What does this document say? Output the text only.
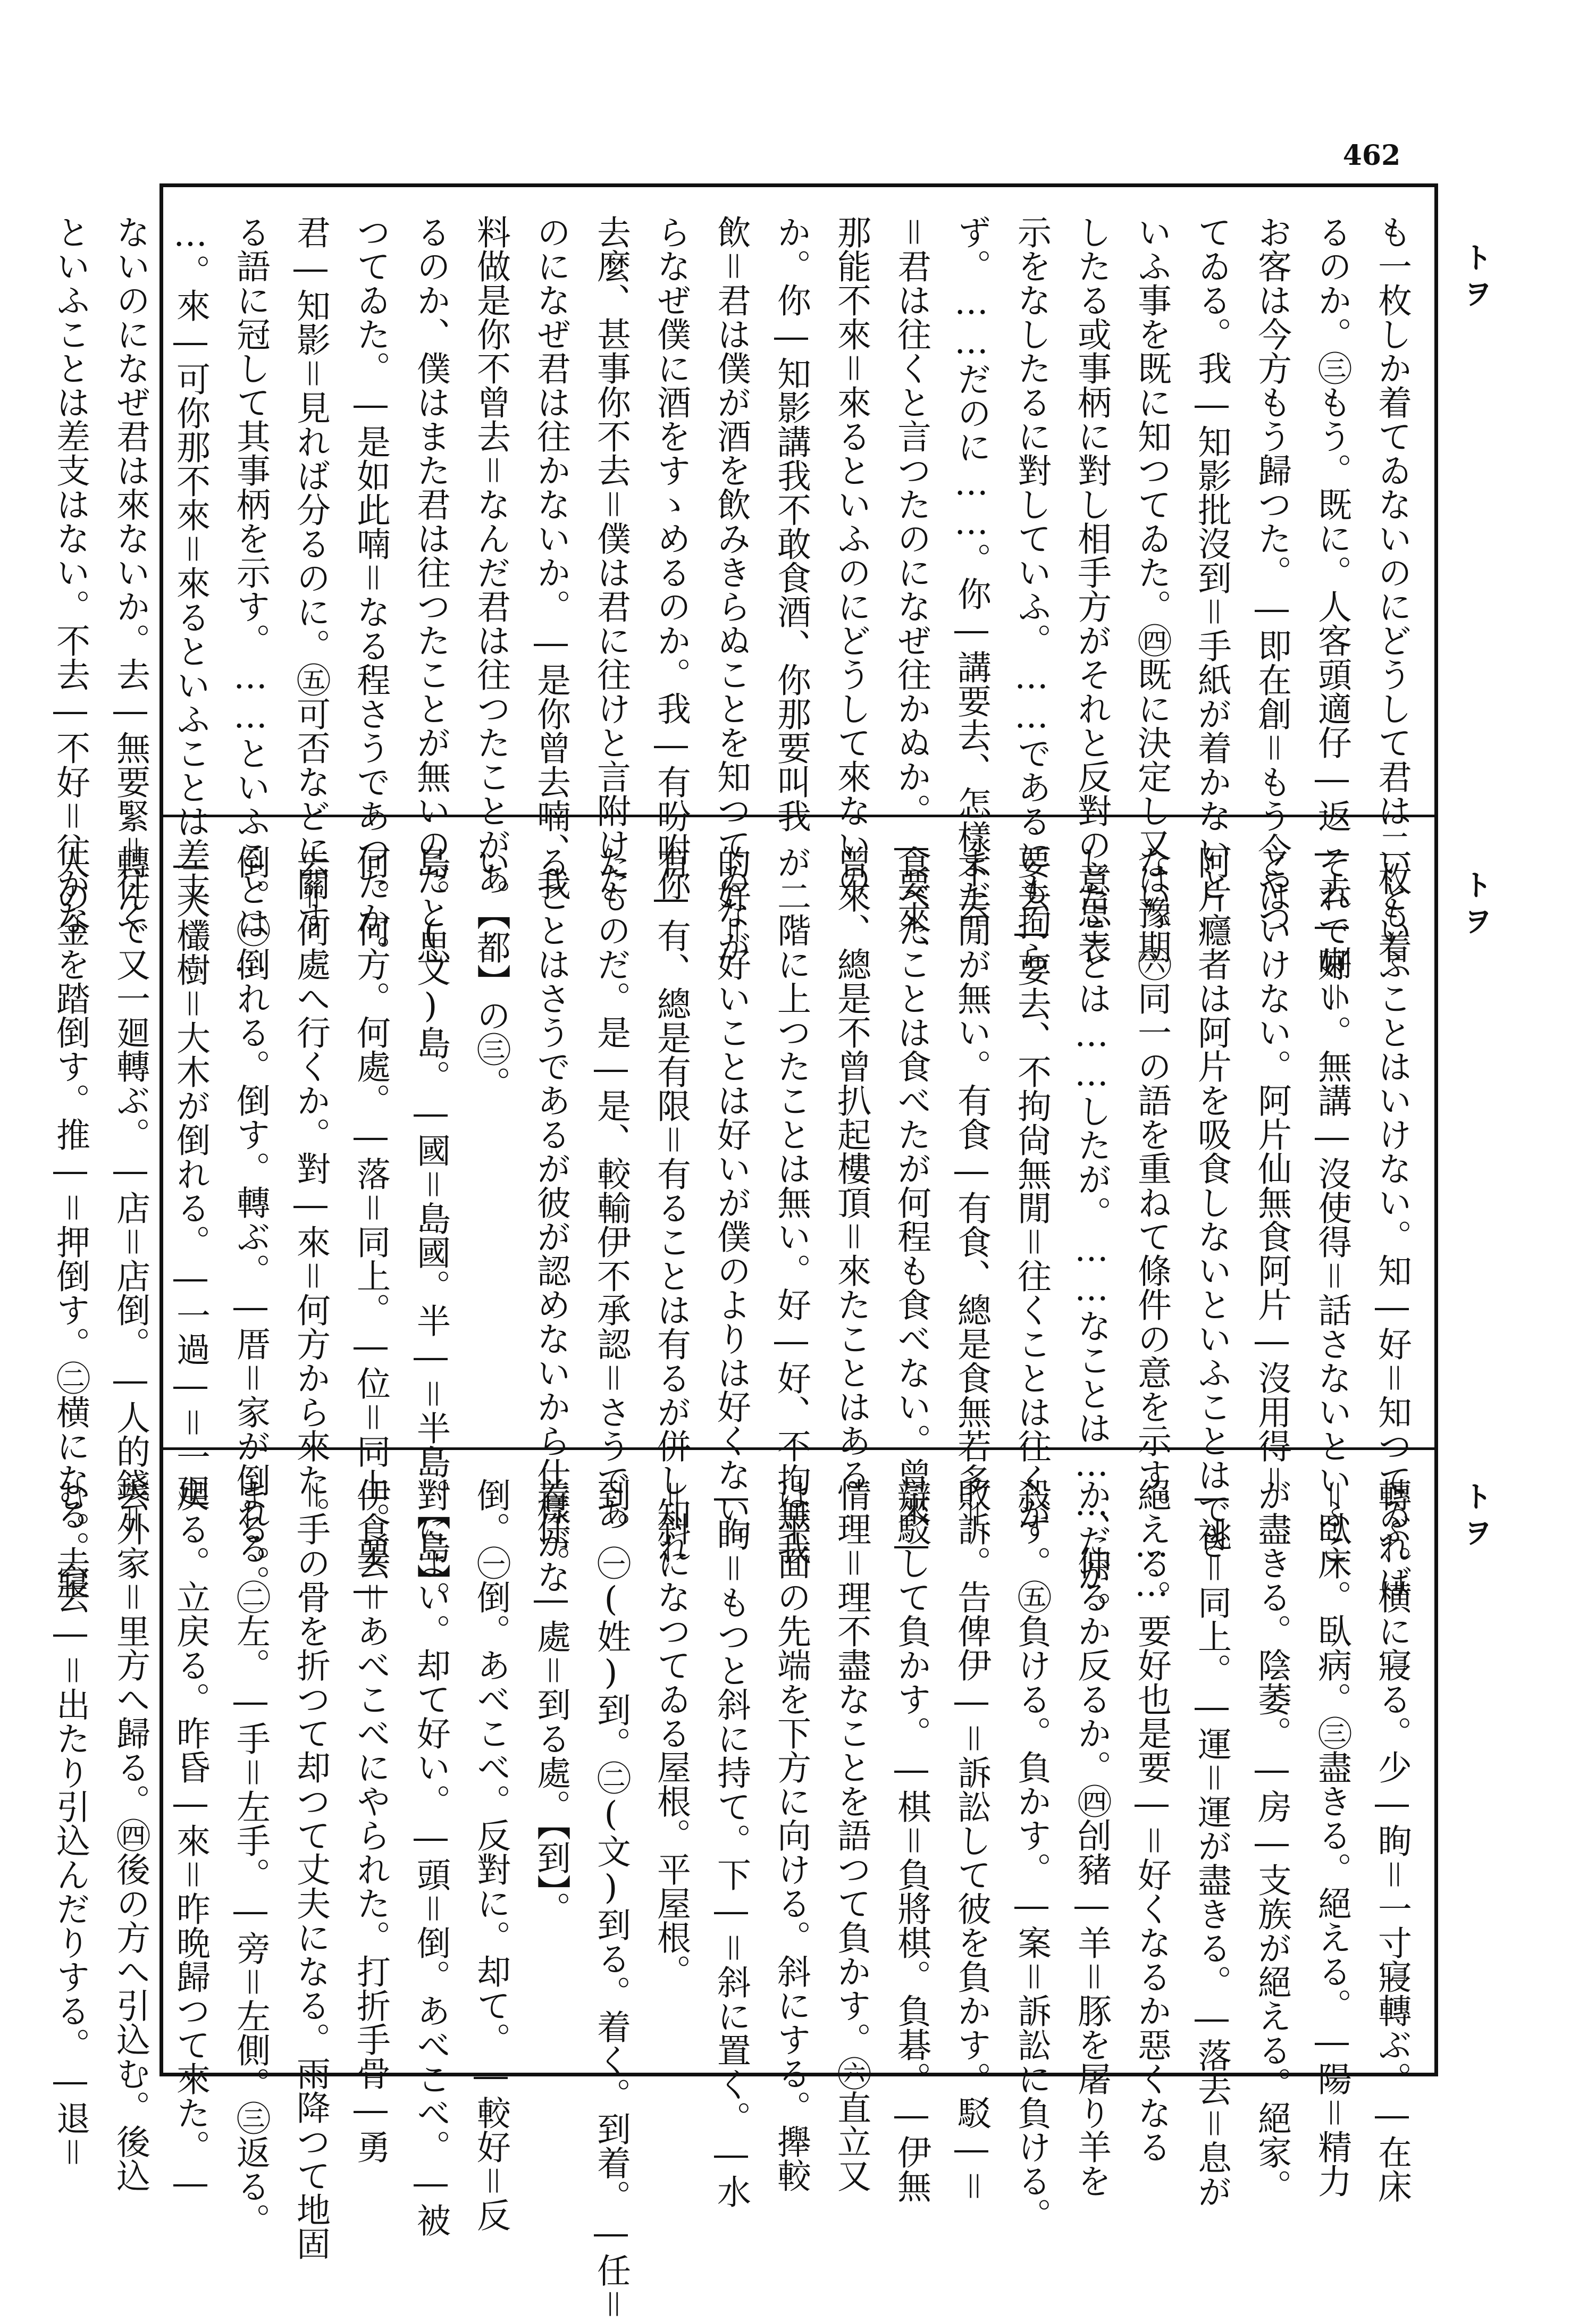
462
トヲ
トヲ
トヲ
も一枚しか着てゐないのにどうして君は二枚も着
るのか。㊂もう。既に。人客頭適仔―返―去―喇＝
お客は今方もう歸つた。―即在創＝もう今やつ
てゐる。我―知影批沒到＝手紙が着かないと
いふ事を既に知つてゐた。㊃既に決定し又は豫期
したる或事柄に對し相手方がそれと反對の意思表
示をなしたるに對していふ。……であるにも拘ら
ず。……だのに……。你―講要去、怎樣不去
＝君は往くと言つたのになぜ往かぬか。―要來、
那能不來＝來るといふのにどうして來ないの
か。你―知影講我不敢食酒、你那要叫我
飲＝君は僕が酒を飲みきらぬことを知つてゐなが
らなぜ僕に酒をすゝめるのか。我―有吩咐你
去麼、甚事你不去＝僕は君に往けと言附けた
のになぜ君は往かないか。―是你曾去喃、我
料做是你不曾去＝なんだ君は往つたことがあ
るのか、僕はまた君は往つたことが無いのだと思
つてゐた。―是如此喃＝なる程さうであつたか。
君―知影＝見れば分るのに。㊄可否などに關す
る語に冠して其事柄を示す。……といふことは…
…。來―可你那不來＝來るといふことは差支
ないのになぜ君は來ないか。去―無要緊＝往く
といふことは差支はない。不去―不好＝往かな
いといふことはいけない。知―好＝知つてゐれば
それで好い。無講―沒使得＝話さないといふこ
とはいけない。阿片仙無食阿片―沒用得＝
阿片癮者は阿片を吸食しないといふことはでき
ない。㊅同一の語を重ねて條件の意を示す。……
したことは……したが。……なことは……だが。
要去―要去、不拘尙無閒＝往くことは往くが
まだ閒が無い。有食―有食、總是食無若多＝
食べたことは食べたが何程も食べない。曾來―
曾來、總是不曾扒起樓頂＝來たことはある
が二階に上つたことは無い。好―好、不拘無我
的好＝好いことは好いが僕のよりは好くない。
有―有、總是有限＝有ることは有るが併し知れ
たものだ。是―是、較輸伊不承認＝さうであ
ることはさうであるが彼が認めないから仕樣がな
い。【都】の㊂。
島。(文)島。―國＝島國。半―＝半島。【島】。
何。何方。何處。―落＝同上。―位＝同上。要―
去＝何處へ行くか。對―來＝何方から來た。
倒。㊀倒れる。倒す。轉ぶ。―厝＝家が倒れる。
―大欉樹＝大木が倒れる。―一過―＝一廻
轉んで又一廻轉ぶ。―店＝店倒。―人的錢＝
人の金を踏倒す。推―＝押倒す。㊁横になる。寢
轉ぶ。横に寢る。少―眴＝一寸寢轉ぶ。―在床
＝臥床。臥病。㊂盡きる。絕える。―陽＝精力
が盡きる。陰萎。―房―支族が絕える。絕家。
―祧＝同上。―運＝運が盡きる。―落去＝息が
絕える。要好也是要―＝好くなるか惡くなる
か、伸るか反るか。㊃刣豬―羊＝豚を屠り羊を
殺す。㊄負ける。負かす。―案＝訴訟に負ける。
敗訴。告俾伊―＝訴訟して彼を負かす。駁―＝
辯駁して負かす。―棋＝負將棋。負碁。―伊無
情理＝理不盡なことを語つて負かす。㊅直立又
は平面の先端を下方に向ける。斜にする。攑較
―眴＝もつと斜に持て。下―＝斜に置く。―水
＝斜になつてゐる屋根。平屋根。
到。㊀(姓)到。㊁(文)到る。着く。到着。―任＝
着任。―處＝到る處。【到】。
倒。㊀倒。あべこべ。反對に。却て。―較好＝反
對によい。却て好い。―頭＝倒。あべこべ。―被
伊食去＝あべこべにやられた。打折手骨―勇
＝手の骨を折つて却つて丈夫になる。雨降つて地固
まる。㊁左。―手＝左手。―旁＝左側。㊂返る。
戻る。立戻る。昨昏―來＝昨晩歸つて來た。―
去外家＝里方へ歸る。㊃後の方へ引込む。後込
む。去去―＝出たり引込んだりする。―退＝
